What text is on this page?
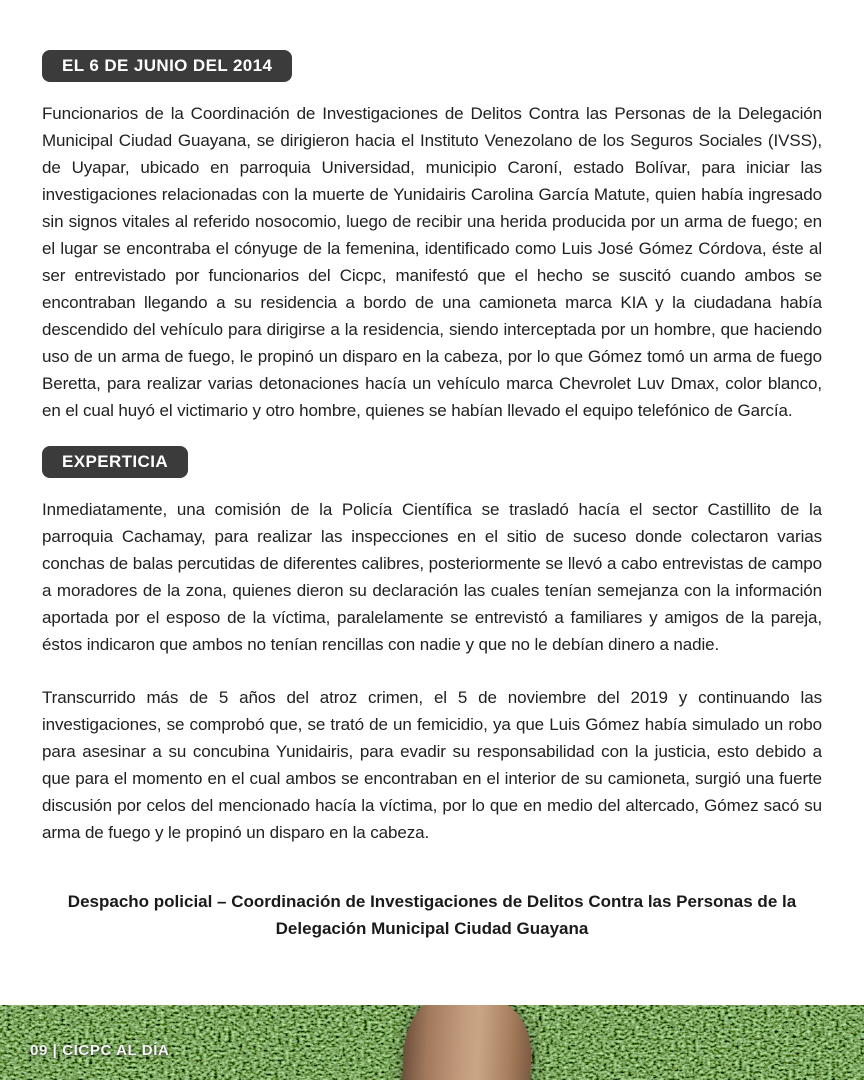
EL 6 DE JUNIO DEL 2014

Funcionarios de la Coordinación de Investigaciones de Delitos Contra las Personas de la Delegación Municipal Ciudad Guayana, se dirigieron hacia el Instituto Venezolano de los Seguros Sociales (IVSS), de Uyapar, ubicado en parroquia Universidad, municipio Caroní, estado Bolívar, para iniciar las investigaciones relacionadas con la muerte de Yunidairis Carolina García Matute, quien había ingresado sin signos vitales al referido nosocomio, luego de recibir una herida producida por un arma de fuego; en el lugar se encontraba el cónyuge de la femenina, identificado como Luis José Gómez Córdova, éste al ser entrevistado por funcionarios del Cicpc, manifestó que el hecho se suscitó cuando ambos se encontraban llegando a su residencia a bordo de una camioneta marca KIA y la ciudadana había descendido del vehículo para dirigirse a la residencia, siendo interceptada por un hombre, que haciendo uso de un arma de fuego, le propinó un disparo en la cabeza, por lo que Gómez tomó un arma de fuego Beretta, para realizar varias detonaciones hacía un vehículo marca Chevrolet Luv Dmax, color blanco, en el cual huyó el victimario y otro hombre, quienes se habían llevado el equipo telefónico de García.

EXPERTICIA

Inmediatamente, una comisión de la Policía Científica se trasladó hacía el sector Castillito de la parroquia Cachamay, para realizar las inspecciones en el sitio de suceso donde colectaron varias conchas de balas percutidas de diferentes calibres, posteriormente se llevó a cabo entrevistas de campo a moradores de la zona, quienes dieron su declaración las cuales tenían semejanza con la información aportada por el esposo de la víctima, paralelamente se entrevistó a familiares y amigos de la pareja, éstos indicaron que ambos no tenían rencillas con nadie y que no le debían dinero a nadie.

Transcurrido más de 5 años del atroz crimen, el 5 de noviembre del 2019 y continuando las investigaciones, se comprobó que, se trató de un femicidio, ya que Luis Gómez había simulado un robo para asesinar a su concubina Yunidairis, para evadir su responsabilidad con la justicia, esto debido a que para el momento en el cual ambos se encontraban en el interior de su camioneta, surgió una fuerte discusión por celos del mencionado hacía la víctima, por lo que en medio del altercado, Gómez sacó su arma de fuego y le propinó un disparo en la cabeza.

Despacho policial – Coordinación de Investigaciones de Delitos Contra las Personas de la Delegación Municipal Ciudad Guayana

09 | CICPC AL DÍA
